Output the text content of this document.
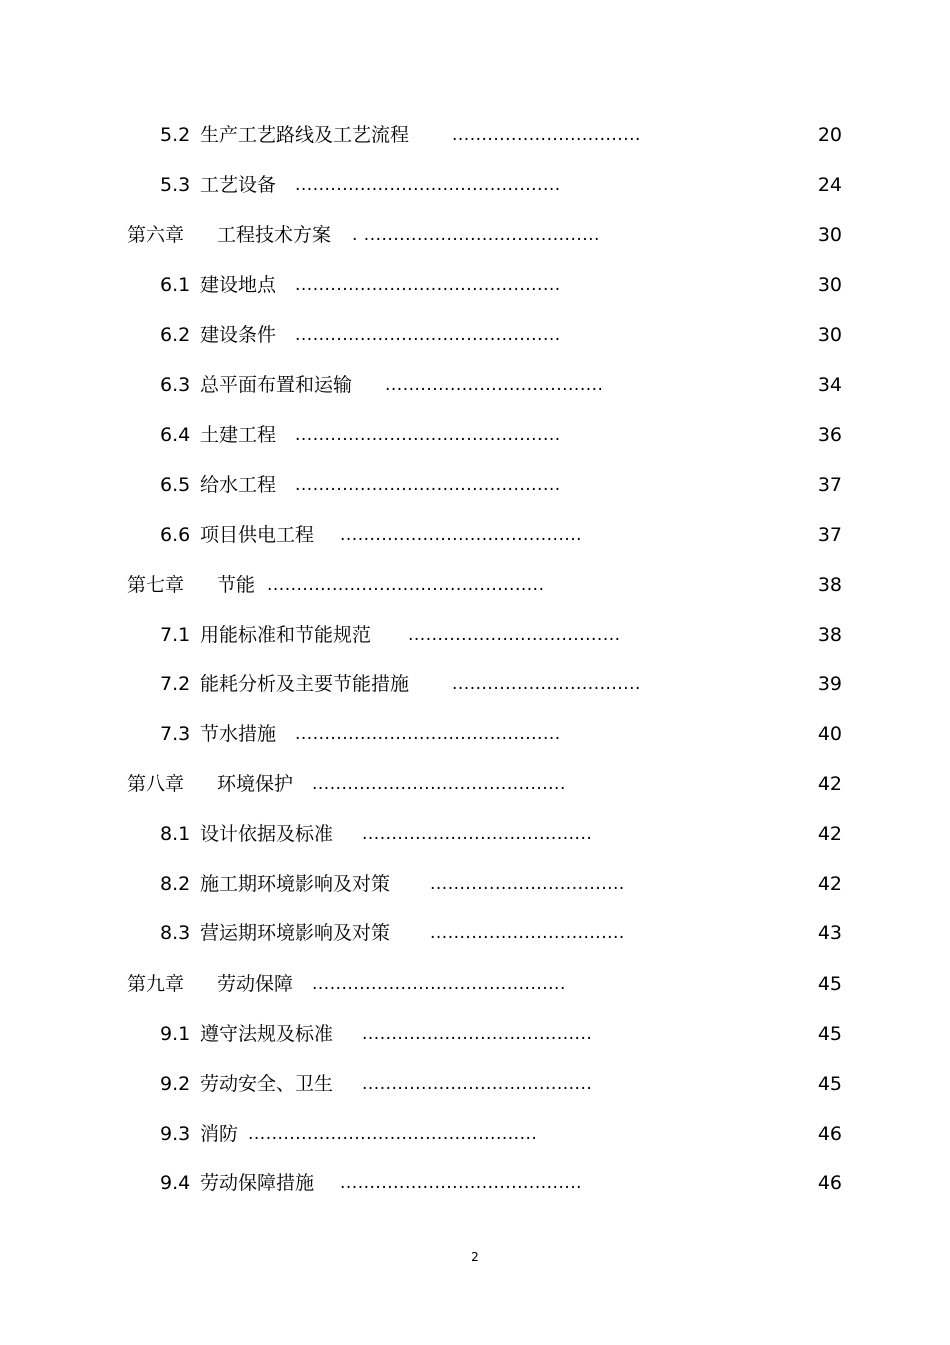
5.2 生产工艺路线及工艺流程	................................	20
5.3 工艺设备 .............................................	24
第六章 工程技术方案 . ........................................	30
6.1 建设地点 .............................................	30
6.2 建设条件 .............................................	30
6.3 总平面布置和运输 .....................................	34
6.4 土建工程 .............................................	36
6.5 给水工程 .............................................	37
6.6 项目供电工程 .........................................	37
第七章 节能 ...............................................	38
7.1 用能标准和节能规范 ....................................	38
7.2 能耗分析及主要节能措施	................................	39
7.3 节水措施 .............................................	40
第八章 环境保护 ...........................................	42
8.1 设计依据及标准 .......................................	42
8.2 施工期环境影响及对策 .................................	42
8.3 营运期环境影响及对策 .................................	43
第九章 劳动保障 ...........................................	45
9.1 遵守法规及标准 .......................................	45
9.2 劳动安全、卫生 .......................................	45
9.3 消防 .................................................	46
9.4 劳动保障措施 .........................................	46
2
